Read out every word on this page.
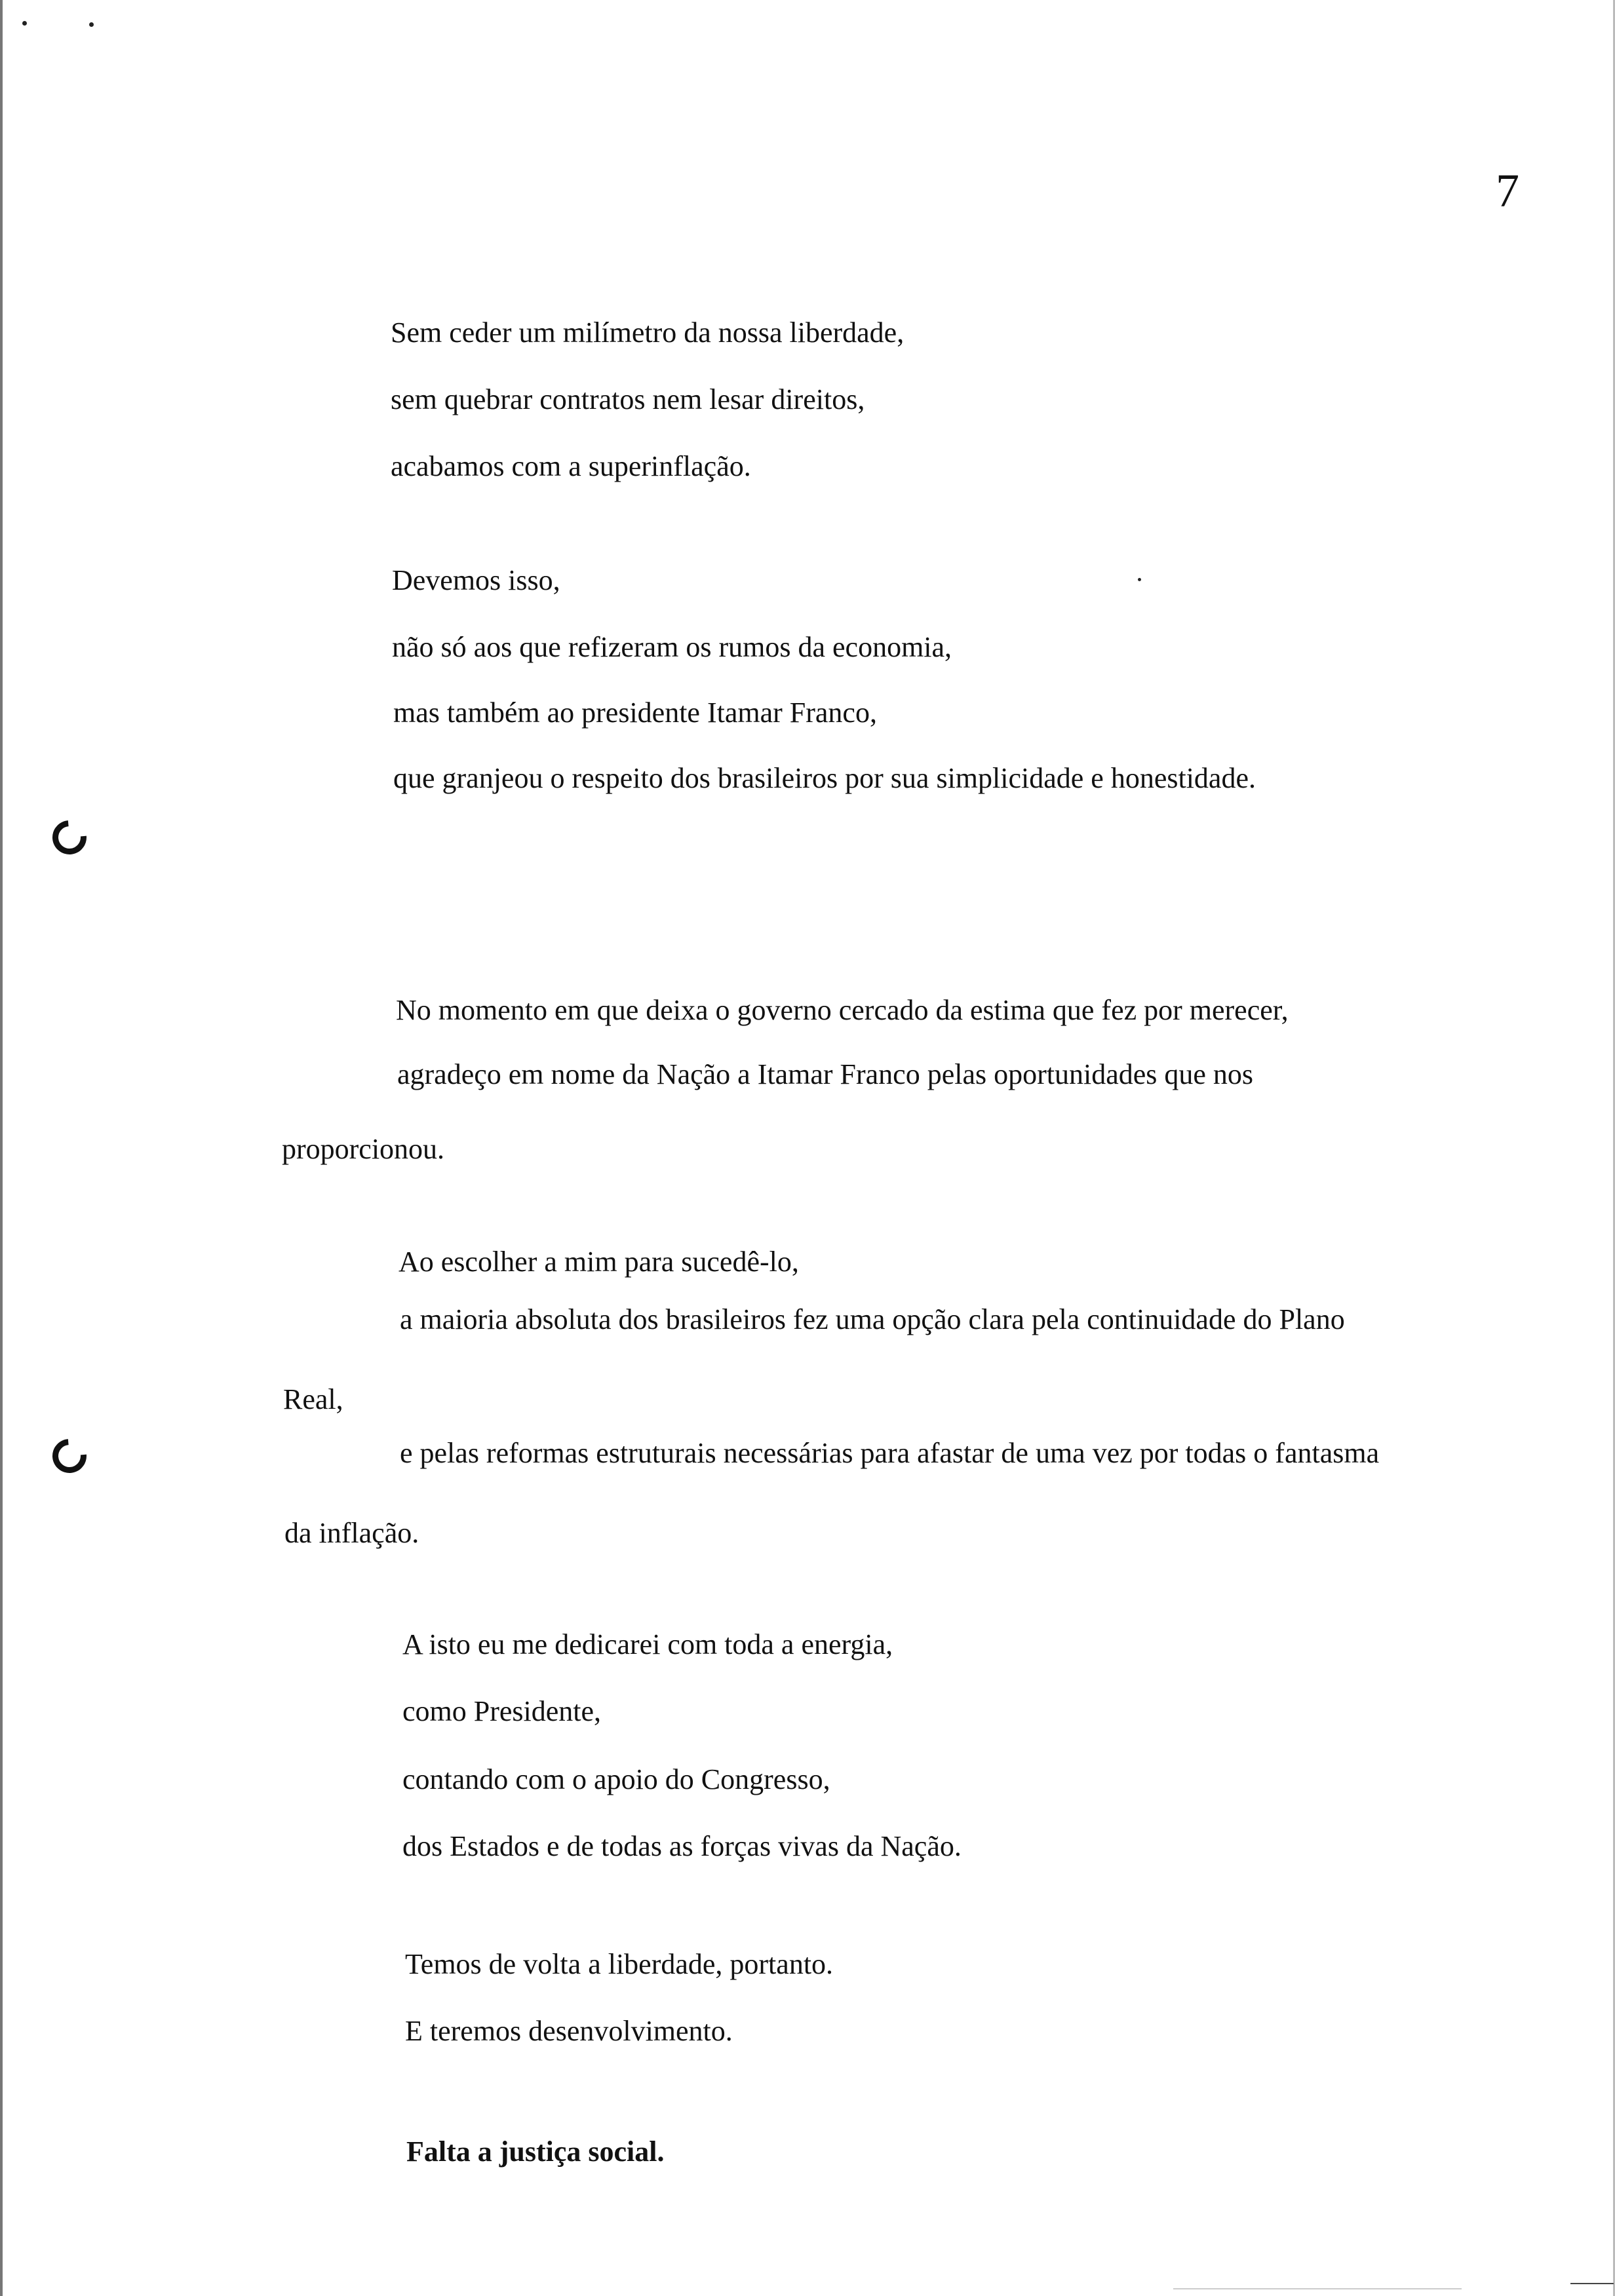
7
Sem ceder um milímetro da nossa liberdade,
sem quebrar contratos nem lesar direitos,
acabamos com a superinflação.
Devemos isso,
não só aos que refizeram os rumos da economia,
mas também ao presidente Itamar Franco,
que granjeou o respeito dos brasileiros por sua simplicidade e honestidade.
No momento em que deixa o governo cercado da estima que fez por merecer,
agradeço em nome da Nação a Itamar Franco pelas oportunidades que nos
proporcionou.
Ao escolher a mim para sucedê-lo,
a maioria absoluta dos brasileiros fez uma opção clara pela continuidade do Plano
Real,
e pelas reformas estruturais necessárias para afastar de uma vez por todas o fantasma
da inflação.
A isto eu me dedicarei com toda a energia,
como Presidente,
contando com o apoio do Congresso,
dos Estados e de todas as forças vivas da Nação.
Temos de volta a liberdade, portanto.
E teremos desenvolvimento.
Falta a justiça social.
